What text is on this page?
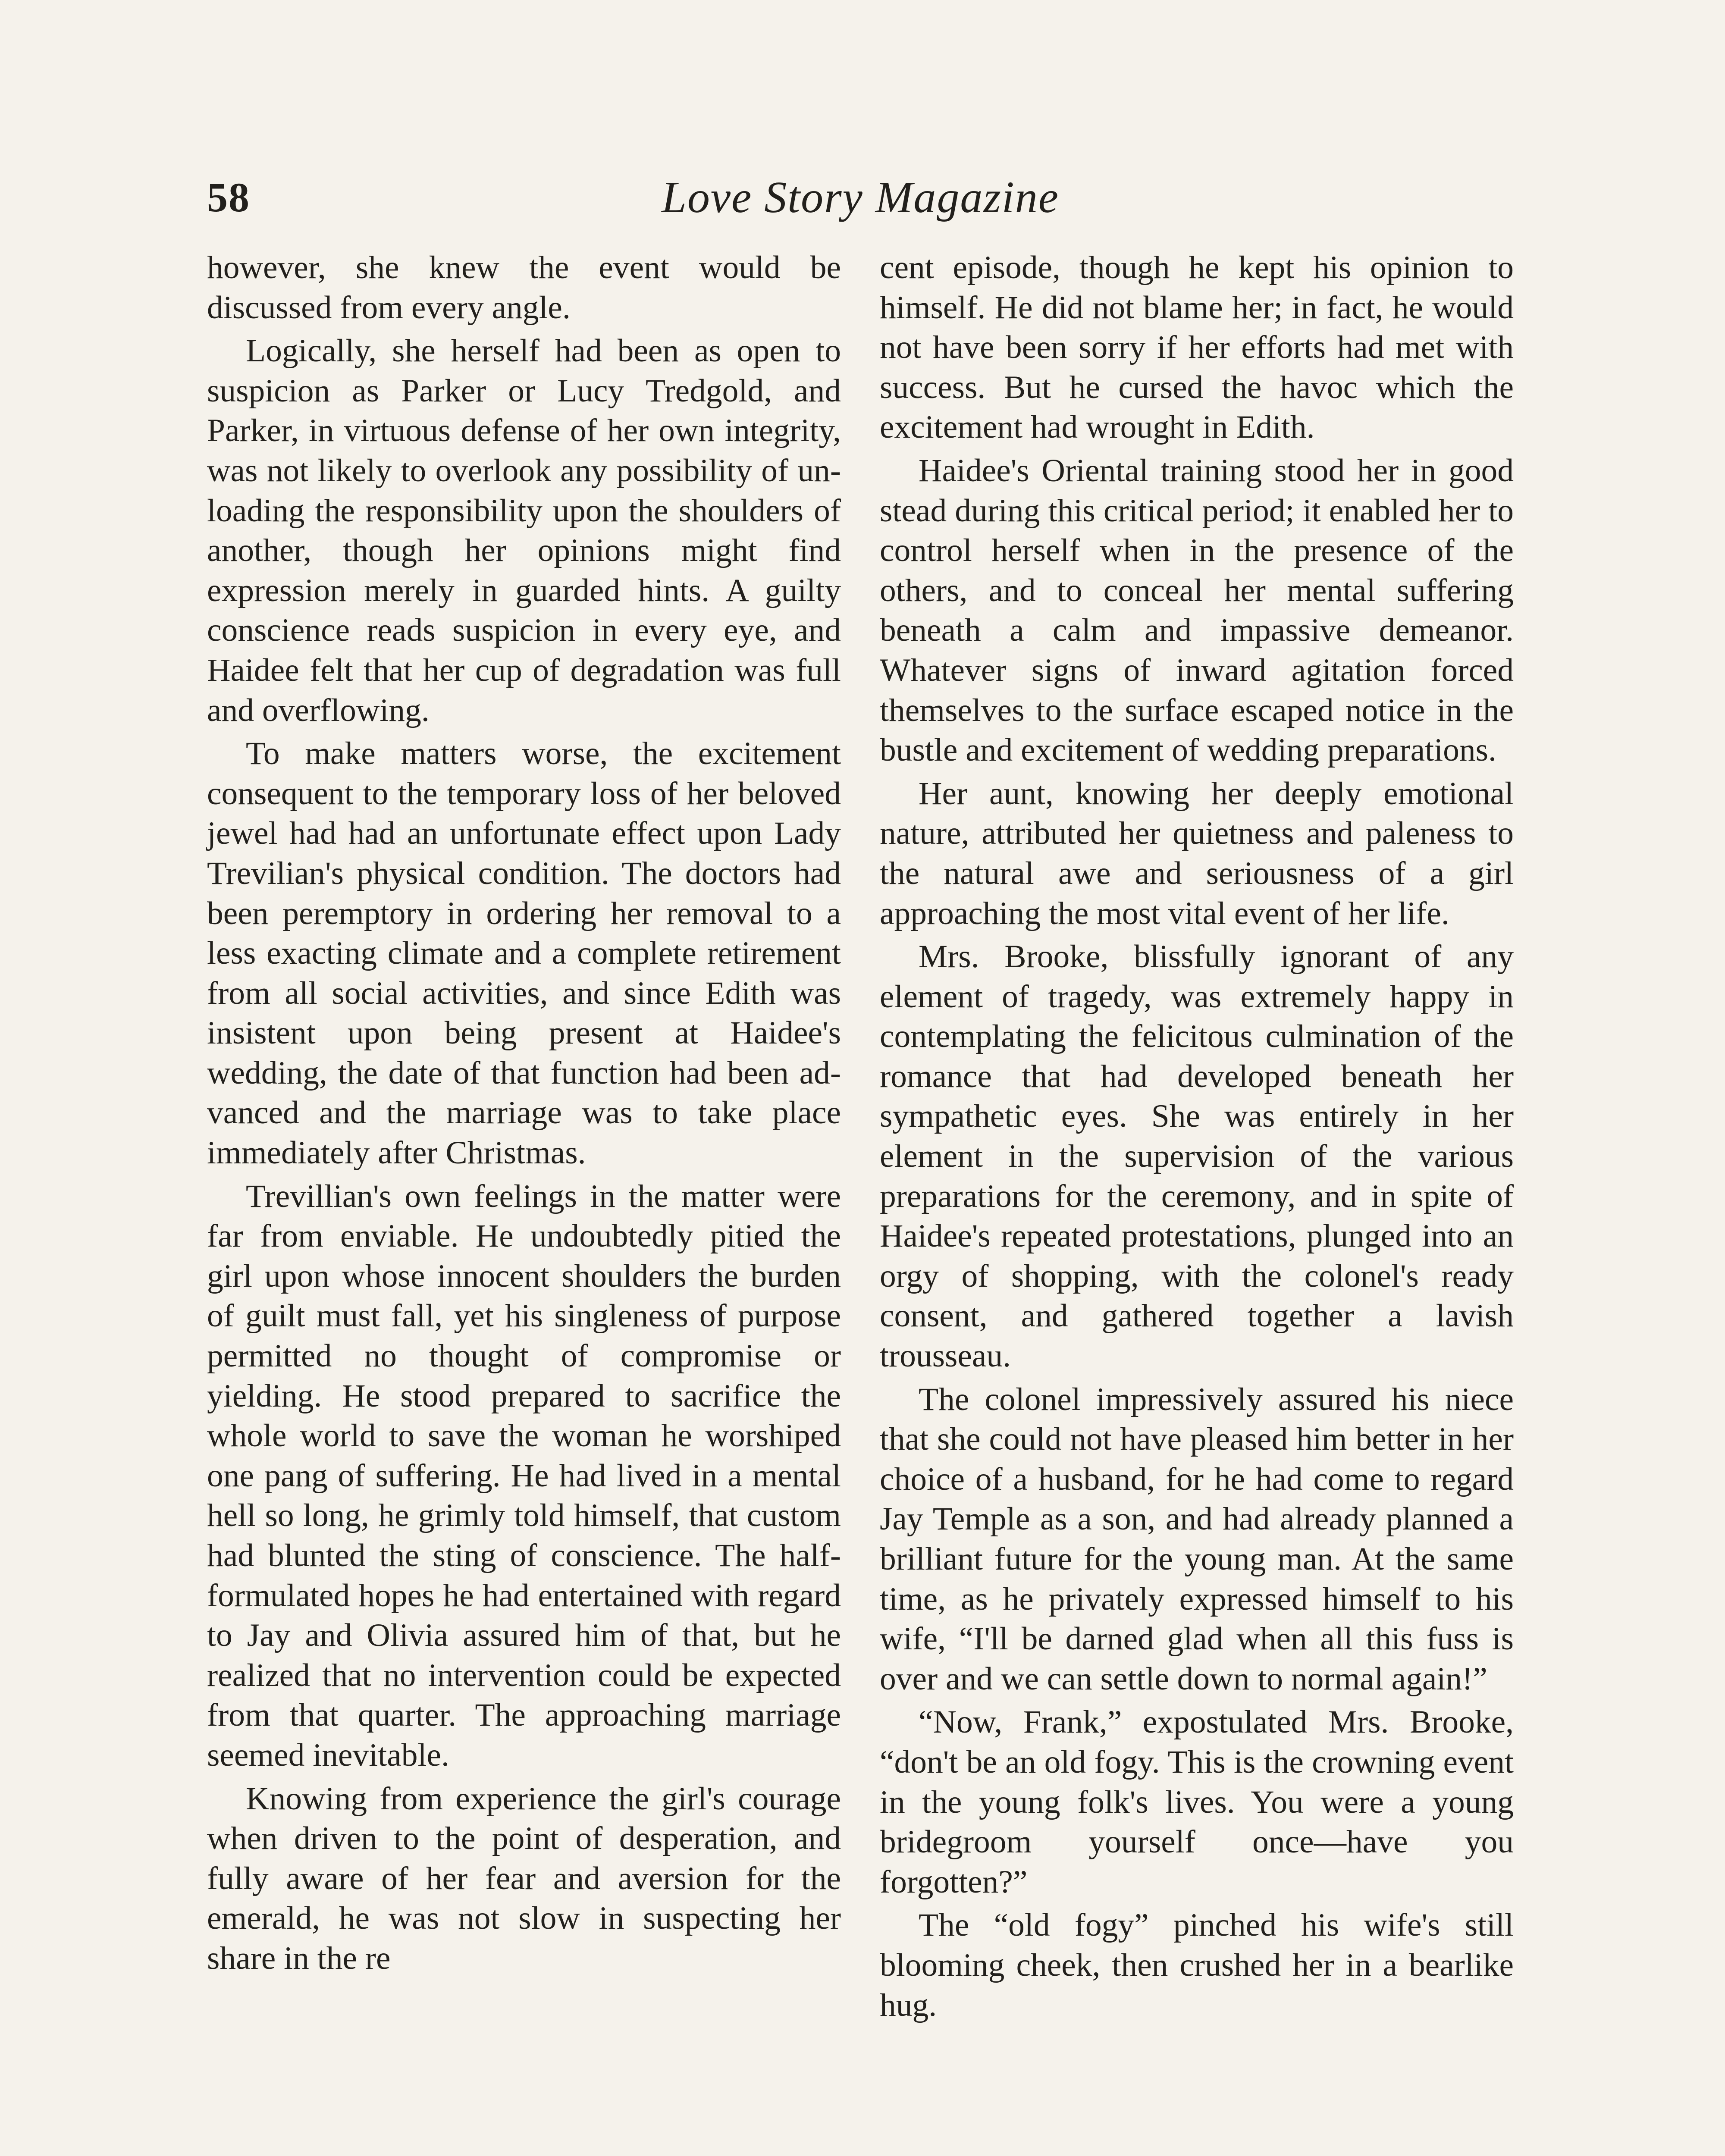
58	Love Story Magazine

however, she knew the event would be discussed from every angle.

Logically, she herself had been as open to suspicion as Parker or Lucy Tredgold, and Parker, in virtuous defense of her own integrity, was not likely to overlook any possibility of unloading the responsibility upon the shoulders of another, though her opinions might find expression merely in guarded hints. A guilty conscience reads suspicion in every eye, and Haidee felt that her cup of degradation was full and overflowing.

To make matters worse, the excitement consequent to the temporary loss of her beloved jewel had had an unfortunate effect upon Lady Trevilian's physical condition. The doctors had been peremptory in ordering her removal to a less exacting climate and a complete retirement from all social activities, and since Edith was insistent upon being present at Haidee's wedding, the date of that function had been advanced and the marriage was to take place immediately after Christmas.

Trevillian's own feelings in the matter were far from enviable. He undoubtedly pitied the girl upon whose innocent shoulders the burden of guilt must fall, yet his singleness of purpose permitted no thought of compromise or yielding. He stood prepared to sacrifice the whole world to save the woman he worshiped one pang of suffering. He had lived in a mental hell so long, he grimly told himself, that custom had blunted the sting of conscience. The half-formulated hopes he had entertained with regard to Jay and Olivia assured him of that, but he realized that no intervention could be expected from that quarter. The approaching marriage seemed inevitable.

Knowing from experience the girl's courage when driven to the point of desperation, and fully aware of her fear and aversion for the emerald, he was not slow in suspecting her share in the re

cent episode, though he kept his opinion to himself. He did not blame her; in fact, he would not have been sorry if her efforts had met with success. But he cursed the havoc which the excitement had wrought in Edith.

Haidee's Oriental training stood her in good stead during this critical period; it enabled her to control herself when in the presence of the others, and to conceal her mental suffering beneath a calm and impassive demeanor. Whatever signs of inward agitation forced themselves to the surface escaped notice in the bustle and excitement of wedding preparations.

Her aunt, knowing her deeply emotional nature, attributed her quietness and paleness to the natural awe and seriousness of a girl approaching the most vital event of her life.

Mrs. Brooke, blissfully ignorant of any element of tragedy, was extremely happy in contemplating the felicitous culmination of the romance that had developed beneath her sympathetic eyes. She was entirely in her element in the supervision of the various preparations for the ceremony, and in spite of Haidee's repeated protestations, plunged into an orgy of shopping, with the colonel's ready consent, and gathered together a lavish trousseau.

The colonel impressively assured his niece that she could not have pleased him better in her choice of a husband, for he had come to regard Jay Temple as a son, and had already planned a brilliant future for the young man. At the same time, as he privately expressed himself to his wife, “I'll be darned glad when all this fuss is over and we can settle down to normal again!”

“Now, Frank,” expostulated Mrs. Brooke, “don't be an old fogy. This is the crowning event in the young folk's lives. You were a young bridegroom yourself once—have you forgotten?”

The “old fogy” pinched his wife's still blooming cheek, then crushed her in a bearlike hug.
